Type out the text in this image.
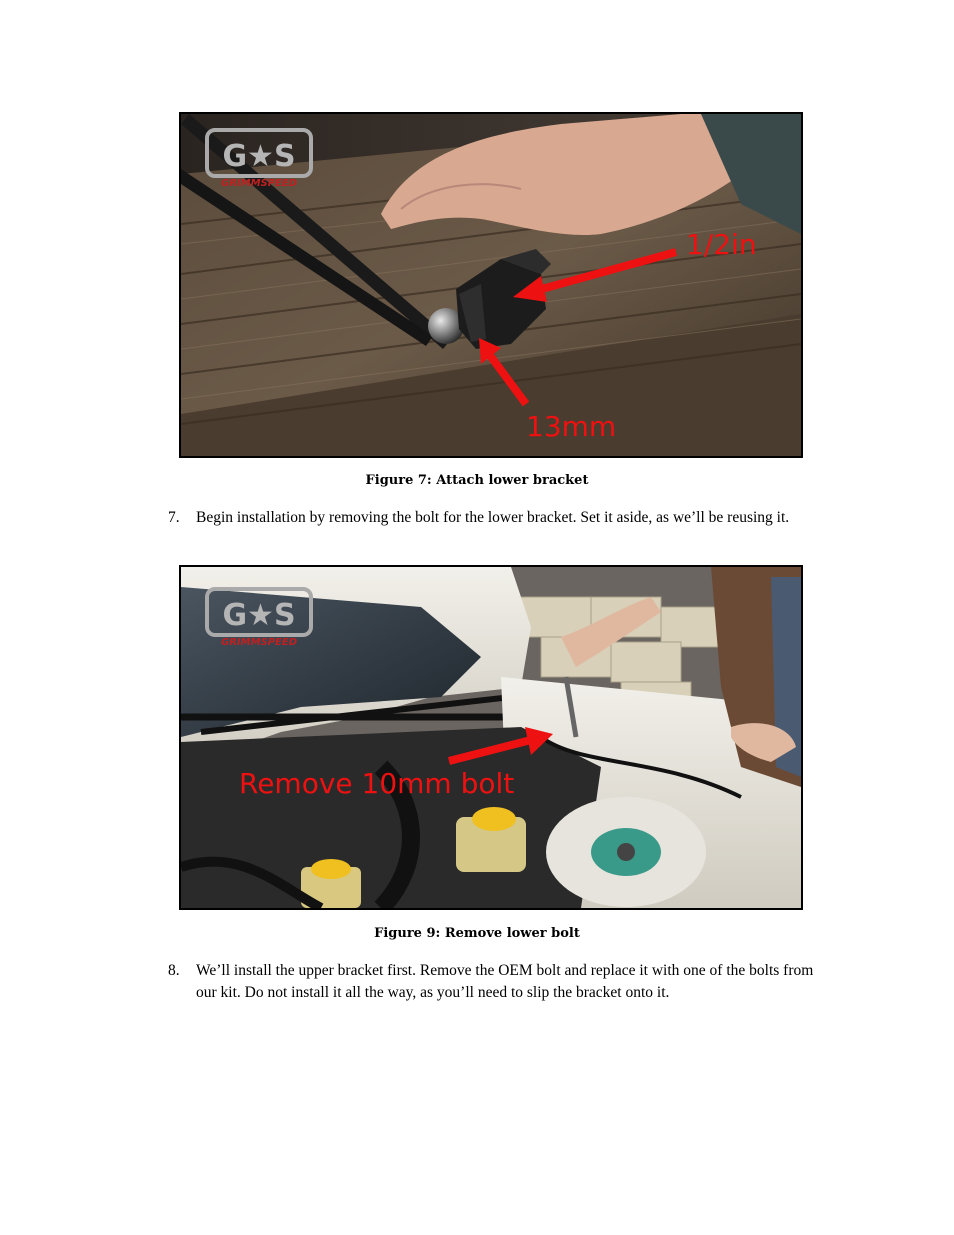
G★S
GRIMMSPEED
1/2in
13mm
Figure 7: Attach lower bracket
7. Begin installation by removing the bolt for the lower bracket. Set it aside, as we’ll be reusing it.
G★S
GRIMMSPEED
Remove 10mm bolt
Figure 9: Remove lower bolt
8. We’ll install the upper bracket first. Remove the OEM bolt and replace it with one of the bolts from our kit. Do not install it all the way, as you’ll need to slip the bracket onto it.
